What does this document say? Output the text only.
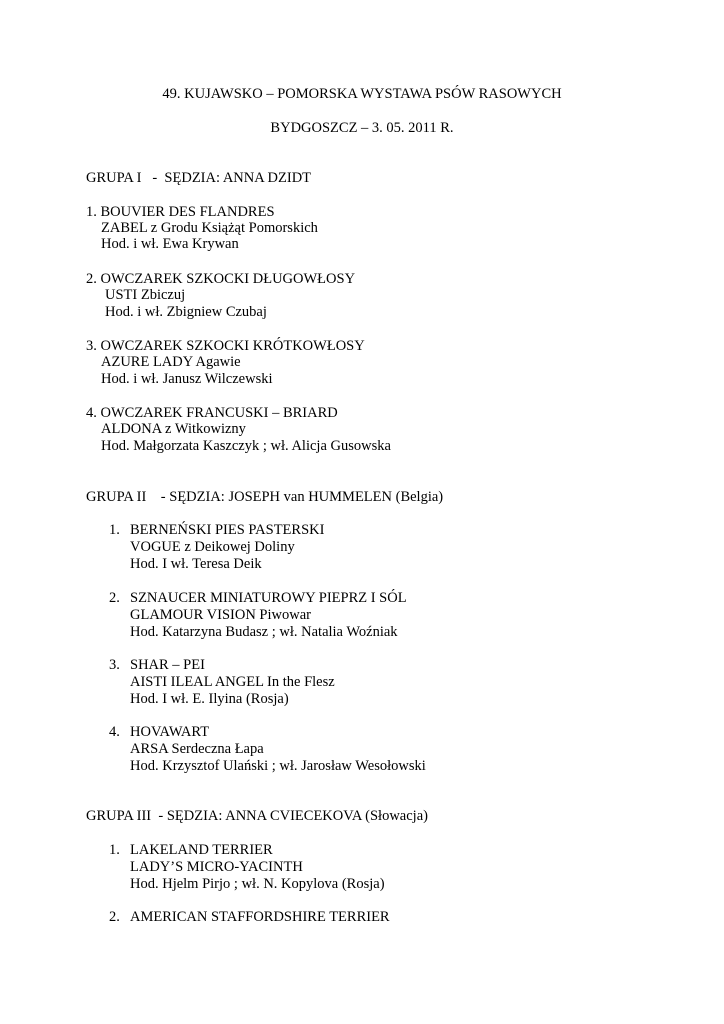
49. KUJAWSKO – POMORSKA WYSTAWA PSÓW RASOWYCH
BYDGOSZCZ – 3. 05. 2011 R.
GRUPA I   -  SĘDZIA: ANNA DZIDT
1. BOUVIER DES FLANDRES
ZABEL z Grodu Książąt Pomorskich
Hod. i wł. Ewa Krywan
2. OWCZAREK SZKOCKI DŁUGOWŁOSY
USTI Zbiczuj
Hod. i wł. Zbigniew Czubaj
3. OWCZAREK SZKOCKI KRÓTKOWŁOSY
AZURE LADY Agawie
Hod. i wł. Janusz Wilczewski
4. OWCZAREK FRANCUSKI – BRIARD
ALDONA z Witkowizny
Hod. Małgorzata Kaszczyk ; wł. Alicja Gusowska
GRUPA II    - SĘDZIA: JOSEPH van HUMMELEN (Belgia)
1. BERNEŃSKI PIES PASTERSKI
VOGUE z Deikowej Doliny
Hod. I wł. Teresa Deik
2. SZNAUCER MINIATUROWY PIEPRZ I SÓL
GLAMOUR VISION Piwowar
Hod. Katarzyna Budasz ; wł. Natalia Woźniak
3. SHAR – PEI
AISTI ILEAL ANGEL In the Flesz
Hod. I wł. E. Ilyina (Rosja)
4. HOVAWART
ARSA Serdeczna Łapa
Hod. Krzysztof Ulański ; wł. Jarosław Wesołowski
GRUPA III  - SĘDZIA: ANNA CVIECEKOVA (Słowacja)
1. LAKELAND TERRIER
LADY’S MICRO-YACINTH
Hod. Hjelm Pirjo ; wł. N. Kopylova (Rosja)
2. AMERICAN STAFFORDSHIRE TERRIER
